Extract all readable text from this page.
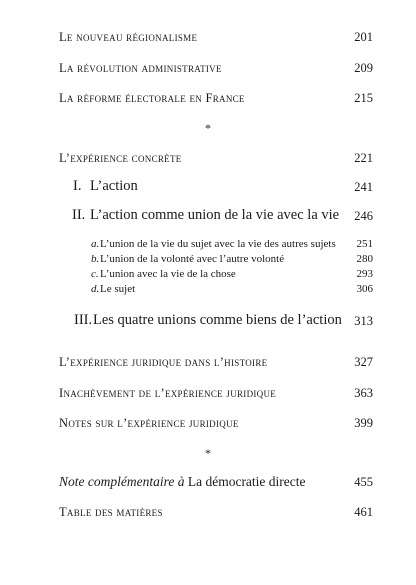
Le nouveau régionalisme	201
La révolution administrative	209
La réforme électorale en France	215
*
L’expérience concrète	221
I. L’action	241
II. L’action comme union de la vie avec la vie 246
a. L’union de la vie du sujet avec la vie des autres sujets 251
b. L’union de la volonté avec l’autre volonté	280
c. L’union avec la vie de la chose	293
d. Le sujet	306
III. Les quatre unions comme biens de l’action 313
L’expérience juridique dans l’histoire	327
Inachèvement de l’expérience juridique	363
Notes sur l’expérience juridique	399
*
Note complémentaire à La démocratie directe	455
Table des matières	461
